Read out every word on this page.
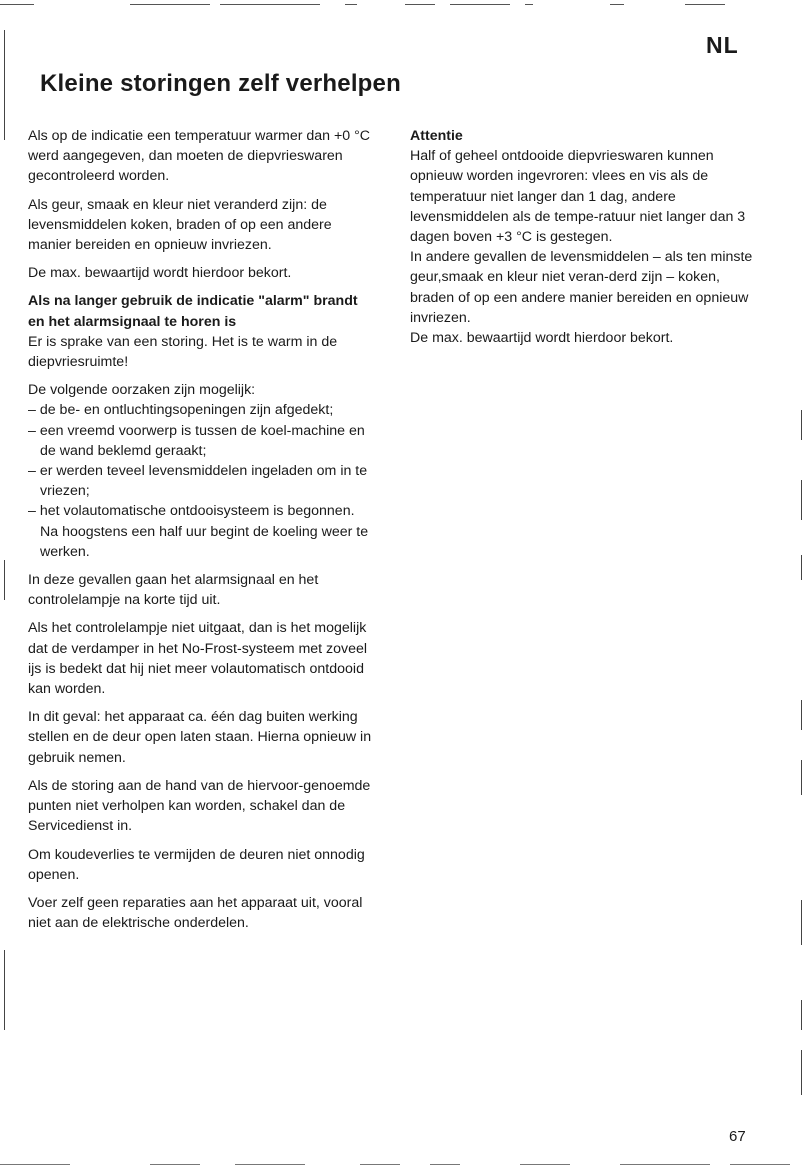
NL
Kleine storingen zelf verhelpen

Als op de indicatie een temperatuur warmer dan +0 °C werd aangegeven, dan moeten de diepvrieswaren gecontroleerd worden.

Als geur, smaak en kleur niet veranderd zijn: de levensmiddelen koken, braden of op een andere manier bereiden en opnieuw invriezen.

De max. bewaartijd wordt hierdoor bekort.

Als na langer gebruik de indicatie "alarm" brandt en het alarmsignaal te horen is
Er is sprake van een storing. Het is te warm in de diepvriesruimte!

De volgende oorzaken zijn mogelijk:

– de be- en ontluchtingsopeningen zijn afgedekt;
– een vreemd voorwerp is tussen de koel-machine en de wand beklemd geraakt;
– er werden teveel levensmiddelen ingeladen om in te vriezen;
– het volautomatische ontdooisysteem is begonnen. Na hoogstens een half uur begint de koeling weer te werken.

In deze gevallen gaan het alarmsignaal en het controlelampje na korte tijd uit.

Als het controlelampje niet uitgaat, dan is het mogelijk dat de verdamper in het No-Frost-systeem met zoveel ijs is bedekt dat hij niet meer volautomatisch ontdooid kan worden.

In dit geval: het apparaat ca. één dag buiten werking stellen en de deur open laten staan. Hierna opnieuw in gebruik nemen.

Als de storing aan de hand van de hiervoor-genoemde punten niet verholpen kan worden, schakel dan de Servicedienst in.

Om koudeverlies te vermijden de deuren niet onnodig openen.

Voer zelf geen reparaties aan het apparaat uit, vooral niet aan de elektrische onderdelen.

Attentie

Half of geheel ontdooide diepvrieswaren kunnen opnieuw worden ingevroren: vlees en vis als de temperatuur niet langer dan 1 dag, andere levensmiddelen als de tempe-ratuur niet langer dan 3 dagen boven +3 °C is gestegen.

In andere gevallen de levensmiddelen – als ten minste geur,smaak en kleur niet veran-derd zijn – koken, braden of op een andere manier bereiden en opnieuw invriezen.

De max. bewaartijd wordt hierdoor bekort.

67
